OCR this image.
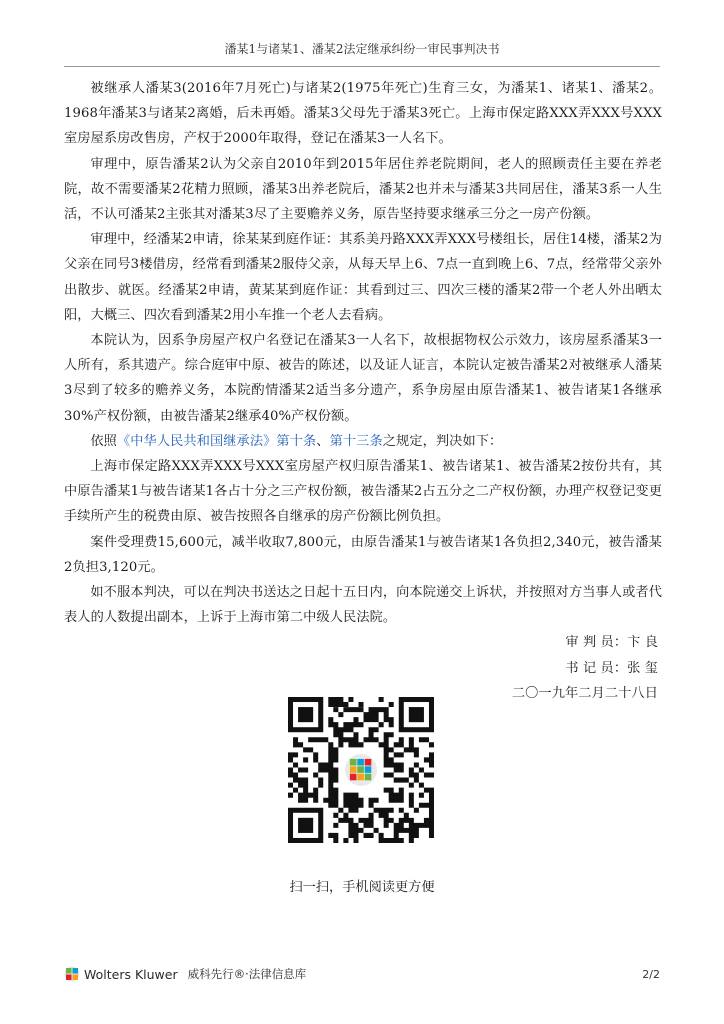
潘某1与诸某1、潘某2法定继承纠纷一审民事判决书

被继承人潘某3(2016年7月死亡)与诸某2(1975年死亡)生育三女，为潘某1、诸某1、潘某2。1968年潘某3与诸某2离婚，后未再婚。潘某3父母先于潘某3死亡。上海市保定路XXX弄XXX号XXX室房屋系房改售房，产权于2000年取得，登记在潘某3一人名下。

审理中，原告潘某2认为父亲自2010年到2015年居住养老院期间，老人的照顾责任主要在养老院，故不需要潘某2花精力照顾，潘某3出养老院后，潘某2也并未与潘某3共同居住，潘某3系一人生活，不认可潘某2主张其对潘某3尽了主要赡养义务，原告坚持要求继承三分之一房产份额。

审理中，经潘某2申请，徐某某到庭作证：其系美丹路XXX弄XXX号楼组长，居住14楼，潘某2为父亲在同号3楼借房，经常看到潘某2服侍父亲，从每天早上6、7点一直到晚上6、7点，经常带父亲外出散步、就医。经潘某2申请，黄某某到庭作证：其看到过三、四次三楼的潘某2带一个老人外出晒太阳，大概三、四次看到潘某2用小车推一个老人去看病。

本院认为，因系争房屋产权户名登记在潘某3一人名下，故根据物权公示效力，该房屋系潘某3一人所有，系其遗产。综合庭审中原、被告的陈述，以及证人证言，本院认定被告潘某2对被继承人潘某3尽到了较多的赡养义务，本院酌情潘某2适当多分遗产，系争房屋由原告潘某1、被告诸某1各继承30%产权份额，由被告潘某2继承40%产权份额。

依照《中华人民共和国继承法》第十条、第十三条之规定，判决如下：

上海市保定路XXX弄XXX号XXX室房屋产权归原告潘某1、被告诸某1、被告潘某2按份共有，其中原告潘某1与被告诸某1各占十分之三产权份额，被告潘某2占五分之二产权份额，办理产权登记变更手续所产生的税费由原、被告按照各自继承的房产份额比例负担。

案件受理费15,600元，减半收取7,800元，由原告潘某1与被告诸某1各负担2,340元，被告潘某2负担3,120元。

如不服本判决，可以在判决书送达之日起十五日内，向本院递交上诉状，并按照对方当事人或者代表人的人数提出副本，上诉于上海市第二中级人民法院。

审 判 员：卞 良

书 记 员：张 玺

二〇一九年二月二十八日

扫一扫，手机阅读更方便
Wolters Kluwer 威科先行®·法律信息库	2/2
